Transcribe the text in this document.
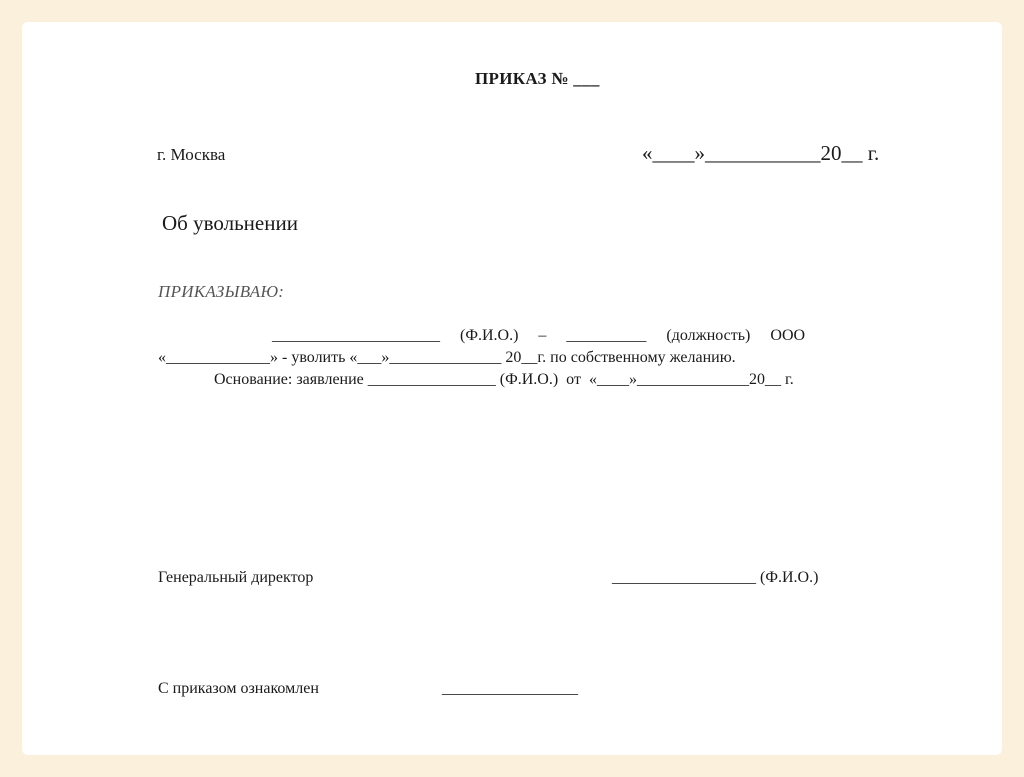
ПРИКАЗ № ___
г. Москва	«____»___________20__ г.
Об увольнении
ПРИКАЗЫВАЮ:
_____________________     (Ф.И.О.)     –     __________     (должность)     ООО
«_____________» - уволить «___»______________ 20__г. по собственному желанию.
Основание: заявление ________________ (Ф.И.О.)  от  «____»______________20__ г.
Генеральный директор	__________________ (Ф.И.О.)
С приказом ознакомлен	_________________
